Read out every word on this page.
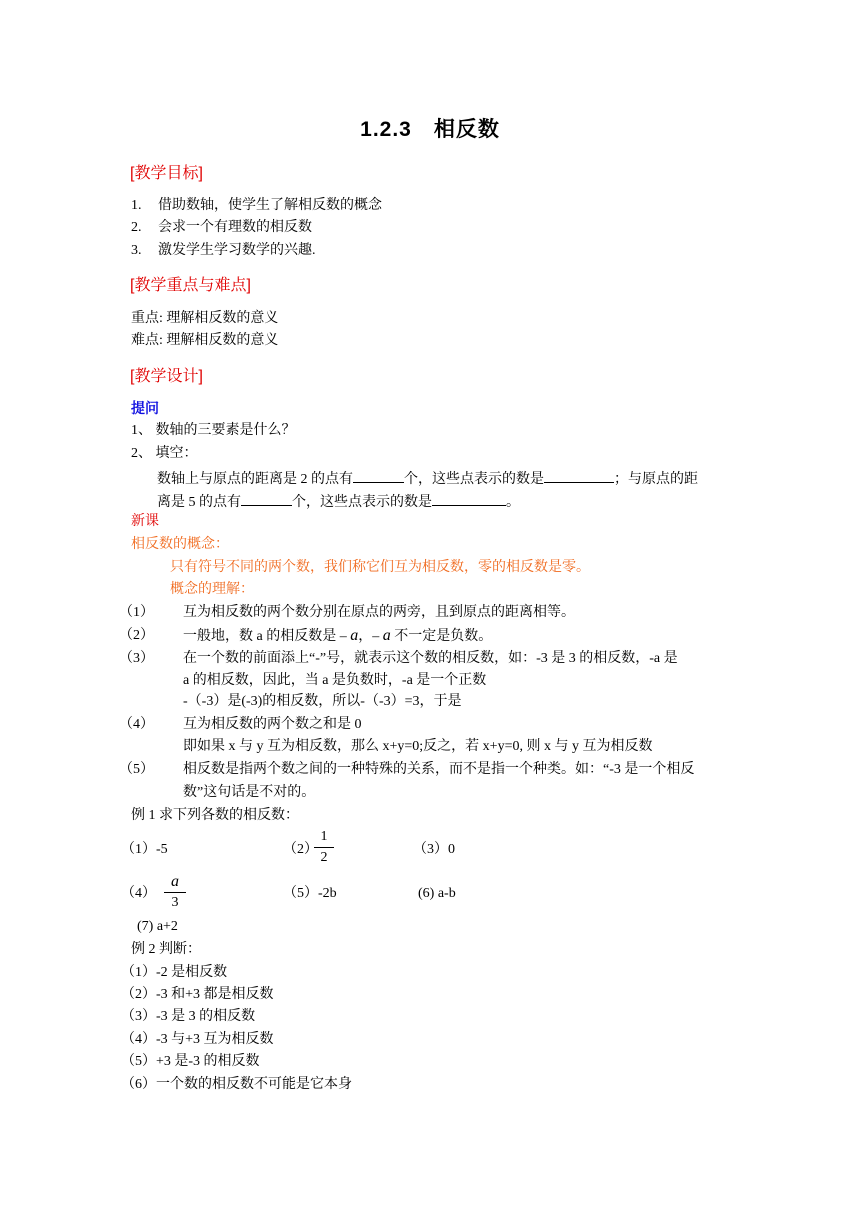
1.2.3　相反数
[教学目标]
1. 借助数轴，使学生了解相反数的概念
2. 会求一个有理数的相反数
3. 激发学生学习数学的兴趣.
[教学重点与难点]
重点: 理解相反数的意义
难点: 理解相反数的意义
[教学设计]
提问
1、 数轴的三要素是什么？
2、 填空：
数轴上与原点的距离是 2 的点有	个，这些点表示的数是	；与原点的距
离是 5 的点有	个，这些点表示的数是	。
新课
相反数的概念：
只有符号不同的两个数，我们称它们互为相反数，零的相反数是零。
概念的理解：
（1） 互为相反数的两个数分别在原点的两旁，且到原点的距离相等。
（2） 一般地，数 a 的相反数是 – a，– a 不一定是负数。
（3） 在一个数的前面添上“-”号，就表示这个数的相反数，如：-3 是 3 的相反数，-a 是
a 的相反数，因此，当 a 是负数时，-a 是一个正数
-（-3）是(-3)的相反数，所以-（-3）=3，于是
（4） 互为相反数的两个数之和是 0
即如果 x 与 y 互为相反数，那么 x+y=0;反之，若 x+y=0, 则 x 与 y 互为相反数
（5） 相反数是指两个数之间的一种特殊的关系，而不是指一个种类。如：“-3 是一个相反
数”这句话是不对的。
例 1 求下列各数的相反数：
（1）-5	（2）
1
2
（3）0
（4）
a
3
（5）-2b	(6) a-b
(7) a+2
例 2 判断：
（1）-2 是相反数
（2）-3 和+3 都是相反数
（3）-3 是 3 的相反数
（4）-3 与+3 互为相反数
（5）+3 是-3 的相反数
（6）一个数的相反数不可能是它本身
